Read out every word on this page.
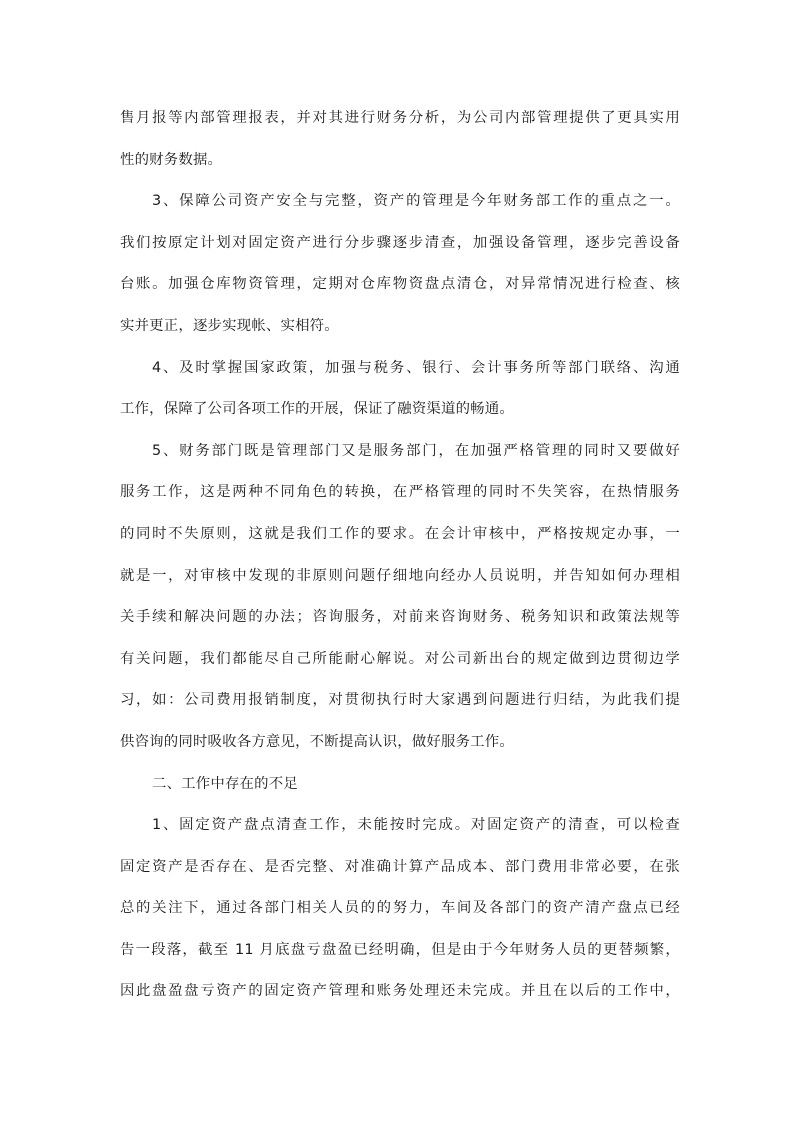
售月报等内部管理报表，并对其进行财务分析，为公司内部管理提供了更具实用
性的财务数据。
3、保障公司资产安全与完整，资产的管理是今年财务部工作的重点之一。
我们按原定计划对固定资产进行分步骤逐步清查，加强设备管理，逐步完善设备
台账。加强仓库物资管理，定期对仓库物资盘点清仓，对异常情况进行检查、核
实并更正，逐步实现帐、实相符。
4、及时掌握国家政策，加强与税务、银行、会计事务所等部门联络、沟通
工作，保障了公司各项工作的开展，保证了融资渠道的畅通。
5、财务部门既是管理部门又是服务部门，在加强严格管理的同时又要做好
服务工作，这是两种不同角色的转换，在严格管理的同时不失笑容，在热情服务
的同时不失原则，这就是我们工作的要求。在会计审核中，严格按规定办事，一
就是一，对审核中发现的非原则问题仔细地向经办人员说明，并告知如何办理相
关手续和解决问题的办法；咨询服务，对前来咨询财务、税务知识和政策法规等
有关问题，我们都能尽自己所能耐心解说。对公司新出台的规定做到边贯彻边学
习，如：公司费用报销制度，对贯彻执行时大家遇到问题进行归结，为此我们提
供咨询的同时吸收各方意见，不断提高认识，做好服务工作。
二、工作中存在的不足
1、固定资产盘点清查工作，未能按时完成。对固定资产的清查，可以检查
固定资产是否存在、是否完整、对准确计算产品成本、部门费用非常必要，在张
总的关注下，通过各部门相关人员的的努力，车间及各部门的资产清产盘点已经
告一段落，截至 11 月底盘亏盘盈已经明确，但是由于今年财务人员的更替频繁，
因此盘盈盘亏资产的固定资产管理和账务处理还未完成。并且在以后的工作中，
